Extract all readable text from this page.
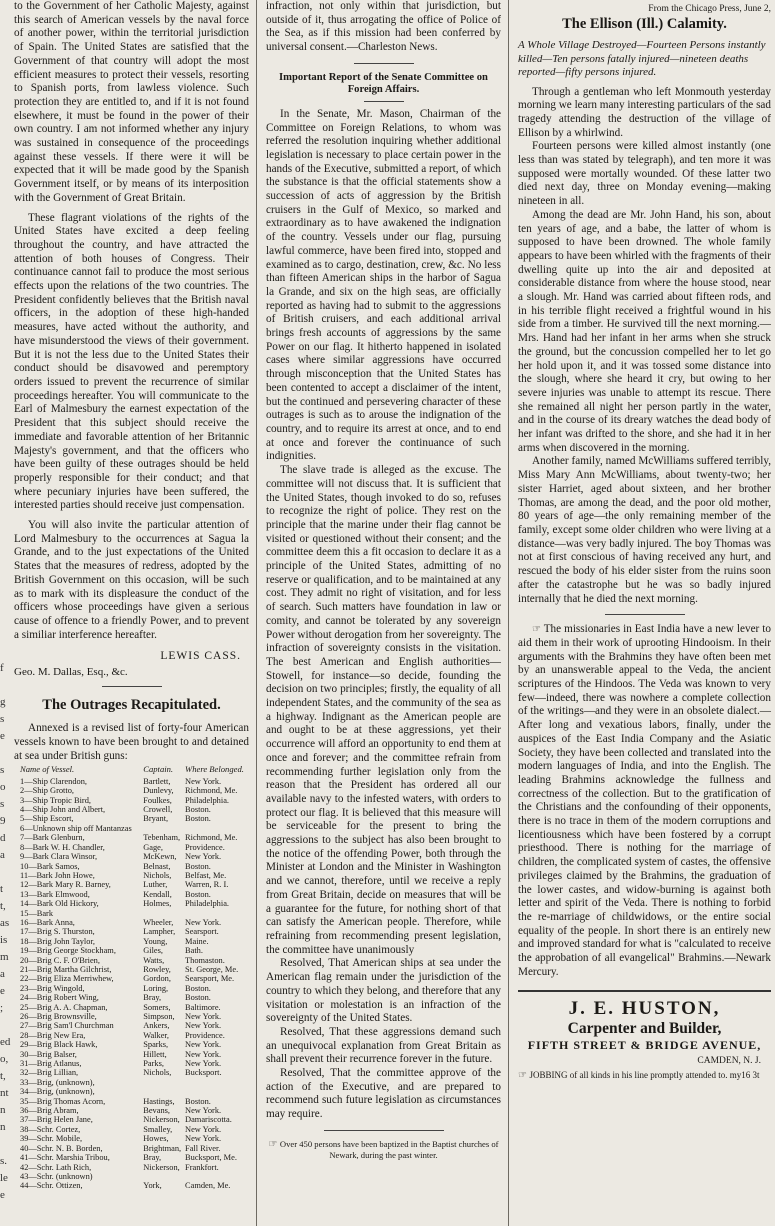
to the Government of her Catholic Majesty, against this search of American vessels by the naval force of another power, within the territorial jurisdiction of Spain. The United States are satisfied that the Government of that country will adopt the most efficient measures to protect their vessels, resorting to Spanish ports, from lawless violence. Such protection they are entitled to, and if it is not found elsewhere, it must be found in the power of their own country. I am not informed whether any injury was sustained in consequence of the proceedings against these vessels. If there were it will be expected that it will be made good by the Spanish Government itself, or by means of its interposition with the Government of Great Britain.

These flagrant violations of the rights of the United States have excited a deep feeling throughout the country, and have attracted the attention of both houses of Congress. Their continuance cannot fail to produce the most serious effects upon the relations of the two countries. The President confidently believes that the British naval officers, in the adoption of these high-handed measures, have acted without the authority, and have misunderstood the views of their government. But it is not the less due to the United States their conduct should be disavowed and peremptory orders issued to prevent the recurrence of similar proceedings hereafter. You will communicate to the Earl of Malmesbury the earnest expectation of the President that this subject should receive the immediate and favorable attention of her Britannic Majesty's government, and that the officers who have been guilty of these outrages should be held properly responsible for their conduct; and that where pecuniary injuries have been suffered, the interested parties should receive just compensation.

You will also invite the particular attention of Lord Malmesbury to the occurrences at Sagua la Grande, and to the just expectations of the United States that the measures of redress, adopted by the British Government on this occasion, will be such as to mark with its displeasure the conduct of the officers whose proceedings have given a serious cause of offence to a friendly Power, and to prevent a similiar interference hereafter.

LEWIS CASS.
Geo. M. Dallas, Esq., &c.
The Outrages Recapitulated.

Annexed is a revised list of forty-four American vessels known to have been brought to and detained at sea under British guns:

Name of Vessel.	Captain.	Where Belonged.
1—Ship Clarendon,	Bartlett,	New York.
2—Ship Grotto,	Dunlevy,	Richmond, Me.
3—Ship Tropic Bird,	Foulkes,	Philadelphia.
4—Ship John and Albert,	Crowell,	Boston.
5—Ship Escort,	Bryant,	Boston.
6—Unknown ship off Mantanzas		
7—Bark Glenburn,	Tebenham,	Richmond, Me.
8—Bark W. H. Chandler,	Gage,	Providence.
9—Bark Clara Winsor,	McKewn,	New York.
10—Bark Samos,	Belnast,	Boston.
11—Bark John Howe,	Nichols,	Belfast, Me.
12—Bark Mary R. Barney,	Luther,	Warren, R. I.
13—Bark Elmwood,	Kendall,	Boston.
14—Bark Old Hickory,	Holmes,	Philadelphia.
15—Bark		
16—Bark Anna,	Wheeler,	New York.
17—Brig S. Thurston,	Lampher,	Searsport.
18—Brig John Taylor,	Young,	Maine.
19—Brig George Stockham,	Giles,	Bath.
20—Brig C. F. O'Brien,	Watts,	Thomaston.
21—Brig Martha Gilchrist,	Rowley,	St. George, Me.
22—Brig Eliza Merriwhew,	Gordon,	Searsport, Me.
23—Brig Wingold,	Loring,	Boston.
24—Brig Robert Wing,	Bray,	Boston.
25—Brig A. A. Chapman,	Somers,	Baltimore.
26—Brig Brownsville,	Simpson,	New York.
27—Brig Sam'l Churchman	Ankers,	New York.
28—Brig New Era,	Walker,	Providence.
29—Brig Black Hawk,	Sparks,	New York.
30—Brig Balser,	Hillett,	New York.
31—Brig Atlanus,	Parks,	New York.
32—Brig Lillian,	Nichols,	Bucksport.
33—Brig, (unknown),		
34—Brig, (unknown),		
35—Brig Thomas Acorn,	Hastings,	Boston.
36—Brig Abram,	Bevans,	New York.
37—Brig Helen Jane,	Nickerson,	Damariscotta.
38—Schr. Cortez,	Smalley,	New York.
39—Schr. Mobile,	Howes,	New York.
40—Schr. N. B. Borden,	Brightman,	Fall River.
41—Schr. Marshia Tribou,	Bray,	Bucksport, Me.
42—Schr. Lath Rich,	Nickerson,	Frankfort.
43—Schr. (unknown)		
44—Schr. Ottizen,	York,	Camden, Me.

infraction, not only within that jurisdiction, but outside of it, thus arrogating the office of Police of the Sea, as if this mission had been conferred by universal consent.—Charleston News.

Important Report of the Senate Committee on Foreign Affairs.

In the Senate, Mr. Mason, Chairman of the Committee on Foreign Relations, to whom was referred the resolution inquiring whether additional legislation is necessary to place certain power in the hands of the Executive, submitted a report, of which the substance is that the official statements show a succession of acts of aggression by the British cruisers in the Gulf of Mexico, so marked and extraordinary as to have awakened the indignation of the country. Vessels under our flag, pursuing lawful commerce, have been fired into, stopped and examined as to cargo, destination, crew, &c. No less than fifteen American ships in the harbor of Sagua la Grande, and six on the high seas, are officially reported as having had to submit to the aggressions of British cruisers, and each additional arrival brings fresh accounts of aggressions by the same Power on our flag. It hitherto happened in isolated cases where similar aggressions have occurred through misconception that the United States has been contented to accept a disclaimer of the intent, but the continued and persevering character of these outrages is such as to arouse the indignation of the country, and to require its arrest at once, and to end at once and forever the continuance of such indignities.

The slave trade is alleged as the excuse. The committee will not discuss that. It is sufficient that the United States, though invoked to do so, refuses to recognize the right of police. They rest on the principle that the marine under their flag cannot be visited or questioned without their consent; and the committee deem this a fit occasion to declare it as a principle of the United States, admitting of no reserve or qualification, and to be maintained at any cost. They admit no right of visitation, and for less of search. Such matters have foundation in law or comity, and cannot be tolerated by any sovereign Power without derogation from her sovereignty. The infraction of sovereignty consists in the visitation. The best American and English authorities—Stowell, for instance—so decide, founding the decision on two principles; firstly, the equality of all independent States, and the community of the sea as a highway. Indignant as the American people are and ought to be at these aggressions, yet their occurrence will afford an opportunity to end them at once and forever; and the committee refrain from recommending further legislation only from the reason that the President has ordered all our available navy to the infested waters, with orders to protect our flag. It is believed that this measure will be serviceable for the present to bring the aggressions to the subject has also been brought to the notice of the offending Power, both through the Minister at London and the Minister in Washington and we cannot, therefore, until we receive a reply from Great Britain, decide on measures that will be a guarantee for the future, for nothing short of that can satisfy the American people. Therefore, while refraining from recommending present legislation, the committee have unanimously

Resolved, That American ships at sea under the American flag remain under the jurisdiction of the country to which they belong, and therefore that any visitation or molestation is an infraction of the sovereignty of the United States.

Resolved, That these aggressions demand such an unequivocal explanation from Great Britain as shall prevent their recurrence forever in the future.

Resolved, That the committee approve of the action of the Executive, and are prepared to recommend such future legislation as circumstances may require.

☞ Over 450 persons have been baptized in the Baptist churches of Newark, during the past winter.

From the Chicago Press, June 2,
The Ellison (Ill.) Calamity.

A Whole Village Destroyed—Fourteen Persons instantly killed—Ten persons fatally injured—nineteen deaths reported—fifty persons injured.

Through a gentleman who left Monmouth yesterday morning we learn many interesting particulars of the sad tragedy attending the destruction of the village of Ellison by a whirlwind.

Fourteen persons were killed almost instantly (one less than was stated by telegraph), and ten more it was supposed were mortally wounded. Of these latter two died next day, three on Monday evening—making nineteen in all.

Among the dead are Mr. John Hand, his son, about ten years of age, and a babe, the latter of whom is supposed to have been drowned. The whole family appears to have been whirled with the fragments of their dwelling quite up into the air and deposited at considerable distance from where the house stood, near a slough. Mr. Hand was carried about fifteen rods, and in his terrible flight received a frightful wound in his side from a timber. He survived till the next morning.—Mrs. Hand had her infant in her arms when she struck the ground, but the concussion compelled her to let go her hold upon it, and it was tossed some distance into the slough, where she heard it cry, but owing to her severe injuries was unable to attempt its rescue. There she remained all night her person partly in the water, and in the course of its dreary watches the dead body of her infant was drifted to the shore, and she had it in her arms when discovered in the morning.

Another family, named McWilliams suffered terribly, Miss Mary Ann McWilliams, about twenty-two; her sister Harriet, aged about sixteen, and her brother Thomas, are among the dead, and the poor old mother, 80 years of age—the only remaining member of the family, except some older children who were living at a distance—was very badly injured. The boy Thomas was not at first conscious of having received any hurt, and rescued the body of his elder sister from the ruins soon after the catastrophe but he was so badly injured internally that he died the next morning.

☞ The missionaries in East India have a new lever to aid them in their work of uprooting Hindooism. In their arguments with the Brahmins they have often been met by an unanswerable appeal to the Veda, the ancient scriptures of the Hindoos. The Veda was known to very few—indeed, there was nowhere a complete collection of the writings—and they were in an obsolete dialect.—After long and vexatious labors, finally, under the auspices of the East India Company and the Asiatic Society, they have been collected and translated into the modern languages of India, and into the English. The leading Brahmins acknowledge the fullness and correctness of the collection. But to the gratification of the Christians and the confounding of their opponents, there is no trace in them of the modern corruptions and licentiousness which have been fostered by a corrupt priesthood. There is nothing for the marriage of children, the complicated system of castes, the offensive privileges claimed by the Brahmins, the graduation of the lower castes, and widow-burning is against both letter and spirit of the Veda. There is nothing to forbid the re-marriage of childwidows, or the entire social equality of the people. In short there is an entirely new and improved standard for what is "calculated to receive the approbation of all evangelical" Brahmins.—Newark Mercury.

J. E. HUSTON,
Carpenter and Builder,
FIFTH STREET & BRIDGE AVENUE,
CAMDEN, N. J.
☞ JOBBING of all kinds in his line promptly attended to. my16 3t
f
g
s
e
s
o
s
9
d
a
t
t,
as
is
m
a
e
;
ed
o,
t,
nt
n
n
s.
le
e
